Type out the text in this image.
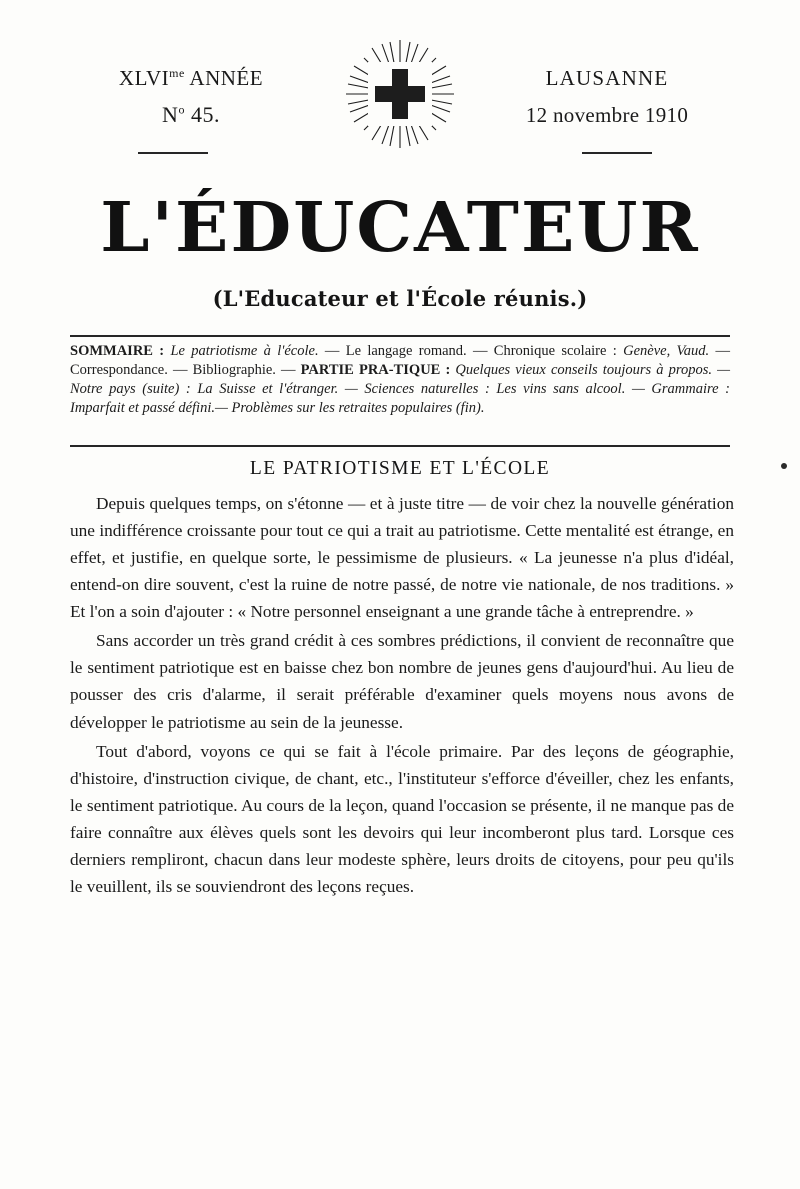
$XLVI^{me}$ ANNÉE
$N^o$ 45.
LAUSANNE
12 novembre 1910
L'ÉDUCATEUR
(L'Educateur et l'École réunis.)
SOMMAIRE : Le patriotisme à l'école. — Le langage romand. — Chronique scolaire : Genève, Vaud. — Correspondance. — Bibliographie. — PARTIE PRA-TIQUE : Quelques vieux conseils toujours à propos. — Notre pays (suite) : La Suisse et l'étranger. — Sciences naturelles : Les vins sans alcool. — Grammaire : Imparfait et passé défini.— Problèmes sur les retraites populaires (fin).
LE PATRIOTISME ET L'ÉCOLE

Depuis quelques temps, on s'étonne — et à juste titre — de voir chez la nouvelle génération une indifférence croissante pour tout ce qui a trait au patriotisme. Cette mentalité est étrange, en effet, et justifie, en quelque sorte, le pessimisme de plusieurs. « La jeunesse n'a plus d'idéal, entend-on dire souvent, c'est la ruine de notre passé, de notre vie nationale, de nos traditions. » Et l'on a soin d'ajouter : « Notre personnel enseignant a une grande tâche à entreprendre. »

Sans accorder un très grand crédit à ces sombres prédictions, il convient de reconnaître que le sentiment patriotique est en baisse chez bon nombre de jeunes gens d'aujourd'hui. Au lieu de pousser des cris d'alarme, il serait préférable d'examiner quels moyens nous avons de développer le patriotisme au sein de la jeunesse.

Tout d'abord, voyons ce qui se fait à l'école primaire. Par des leçons de géographie, d'histoire, d'instruction civique, de chant, etc., l'instituteur s'efforce d'éveiller, chez les enfants, le sentiment patriotique. Au cours de la leçon, quand l'occasion se présente, il ne manque pas de faire connaître aux élèves quels sont les devoirs qui leur incomberont plus tard. Lorsque ces derniers rempliront, chacun dans leur modeste sphère, leurs droits de citoyens, pour peu qu'ils le veuillent, ils se souviendront des leçons reçues.
